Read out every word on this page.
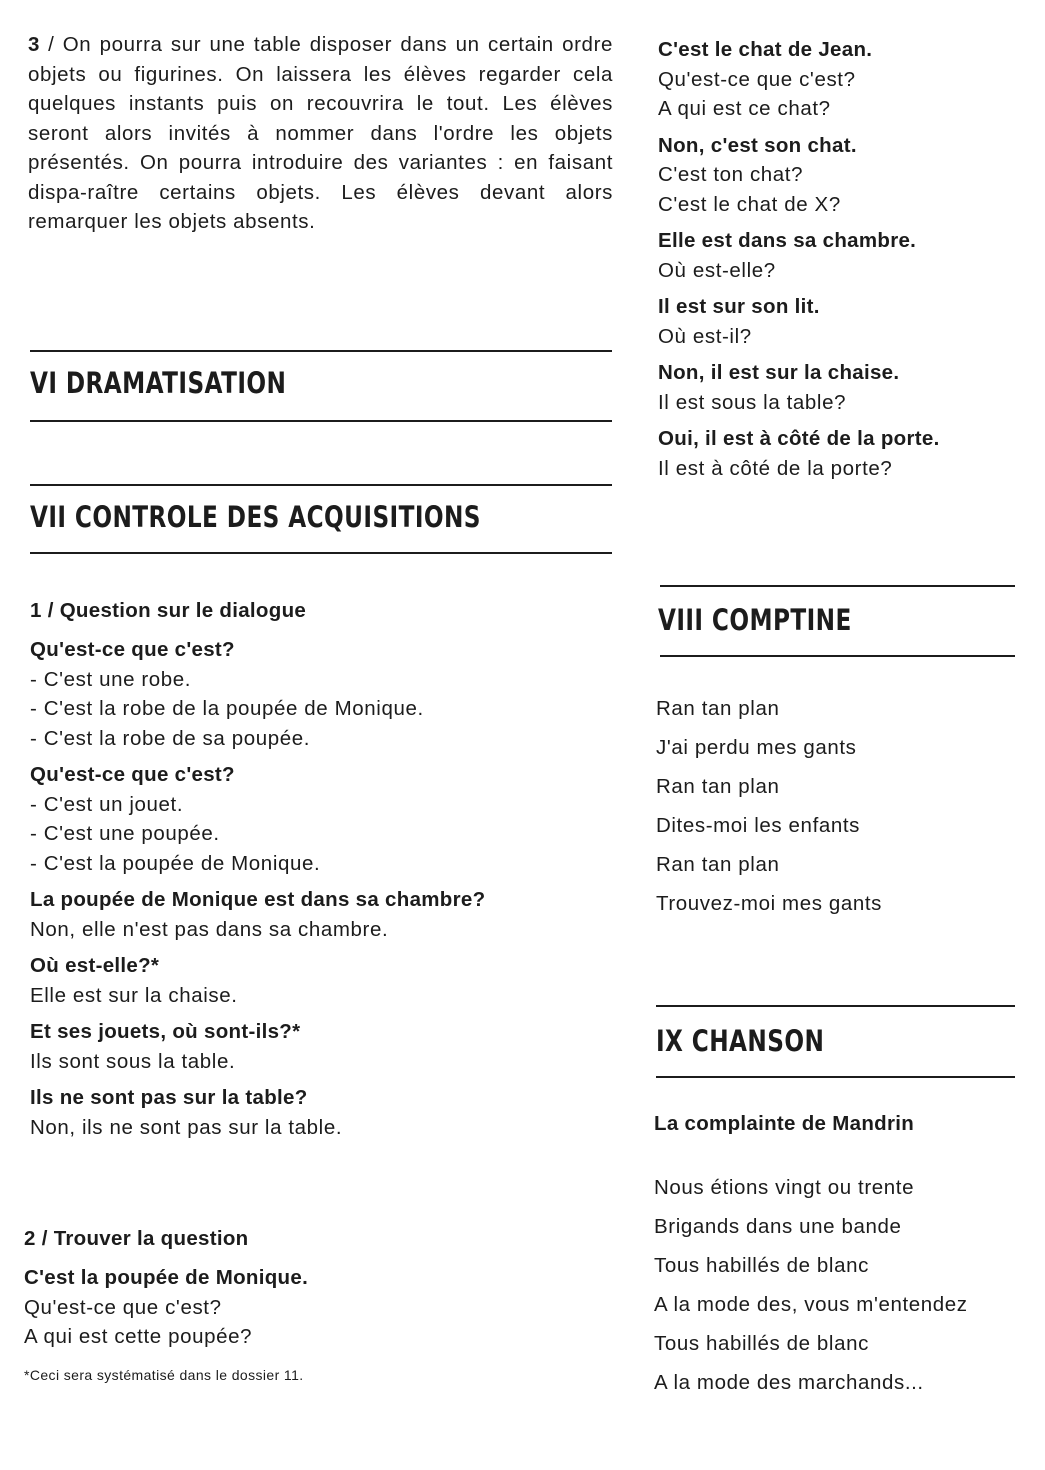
3 / On pourra sur une table disposer dans un certain ordre objets ou figurines. On laissera les élèves regarder cela quelques instants puis on recouvrira le tout. Les élèves seront alors invités à nommer dans l'ordre les objets présentés. On pourra introduire des variantes : en faisant dispa-raître certains objets. Les élèves devant alors remarquer les objets absents.
VI DRAMATISATION
VII CONTROLE DES ACQUISITIONS
1 / Question sur le dialogue
Qu'est-ce que c'est?
- C'est une robe.
- C'est la robe de la poupée de Monique.
- C'est la robe de sa poupée.
Qu'est-ce que c'est?
- C'est un jouet.
- C'est une poupée.
- C'est la poupée de Monique.
La poupée de Monique est dans sa chambre?
Non, elle n'est pas dans sa chambre.
Où est-elle?*
Elle est sur la chaise.
Et ses jouets, où sont-ils?*
Ils sont sous la table.
Ils ne sont pas sur la table?
Non, ils ne sont pas sur la table.
2 / Trouver la question
C'est la poupée de Monique.
Qu'est-ce que c'est?
A qui est cette poupée?
*Ceci sera systématisé dans le dossier 11.
C'est le chat de Jean.
Qu'est-ce que c'est?
A qui est ce chat?
Non, c'est son chat.
C'est ton chat?
C'est le chat de X?
Elle est dans sa chambre.
Où est-elle?
Il est sur son lit.
Où est-il?
Non, il est sur la chaise.
Il est sous la table?
Oui, il est à côté de la porte.
Il est à côté de la porte?
VIII COMPTINE
Ran tan plan
J'ai perdu mes gants
Ran tan plan
Dites-moi les enfants
Ran tan plan
Trouvez-moi mes gants
IX CHANSON
La complainte de Mandrin
Nous étions vingt ou trente
Brigands dans une bande
Tous habillés de blanc
A la mode des, vous m'entendez
Tous habillés de blanc
A la mode des marchands...
